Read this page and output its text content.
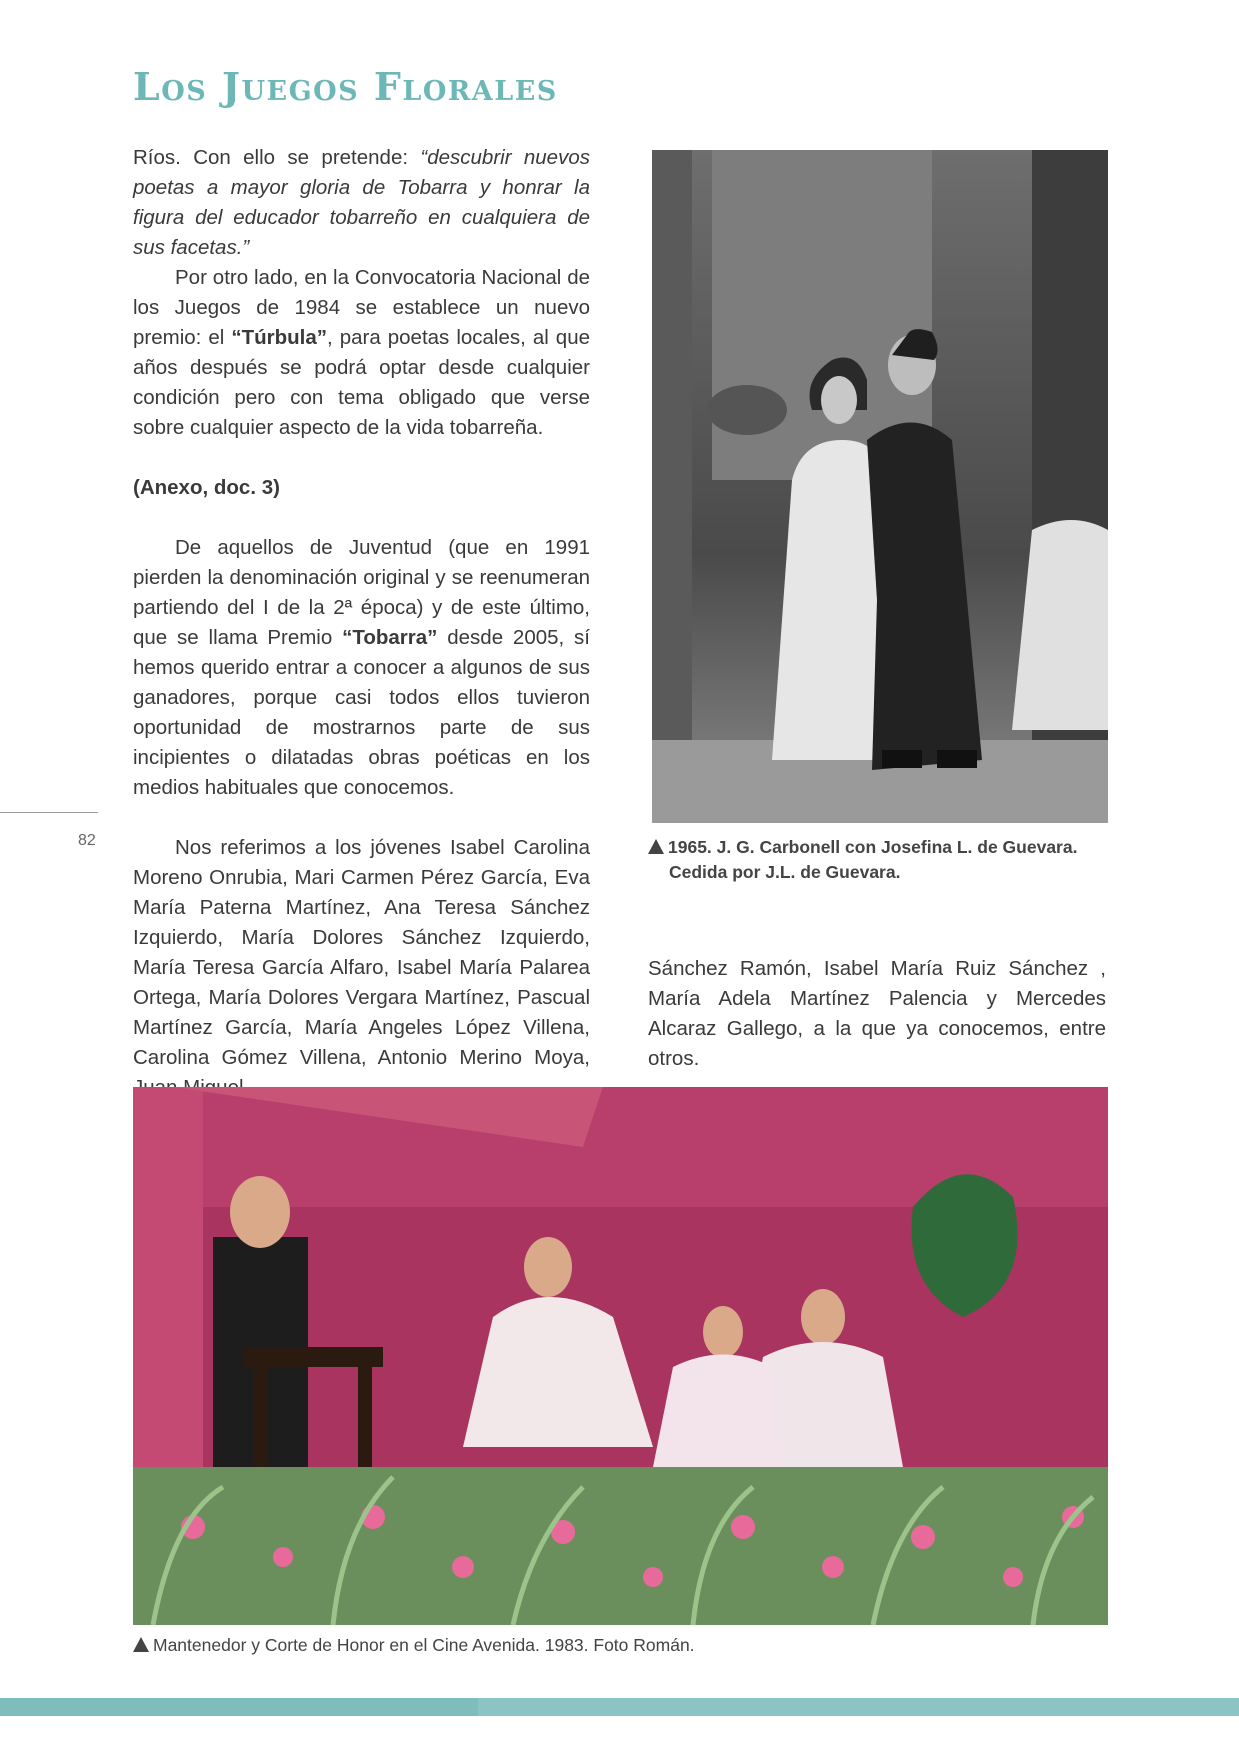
Los Juegos Florales

Ríos. Con ello se pretende: “descubrir nuevos poetas a mayor gloria de Tobarra y honrar la figura del educador tobarreño en cualquiera de sus facetas.”

Por otro lado, en la Convocatoria Nacional de los Juegos de 1984 se establece un nuevo premio: el “Túrbula”, para poetas locales, al que años después se podrá optar desde cualquier condición pero con tema obligado que verse sobre cualquier aspecto de la vida tobarreña.

(Anexo, doc. 3)

De aquellos de Juventud (que en 1991 pierden la denominación original y se reenumeran partiendo del I de la 2ª época) y de este último, que se llama Premio “Tobarra” desde 2005, sí hemos querido entrar a conocer a algunos de sus ganadores, porque casi todos ellos tuvieron oportunidad de mostrarnos parte de sus incipientes o dilatadas obras poéticas en los medios habituales que conocemos.

Nos referimos a los jóvenes Isabel Carolina Moreno Onrubia, Mari Carmen Pérez García, Eva María Paterna Martínez, Ana Teresa Sánchez Izquierdo, María Dolores Sánchez Izquierdo, María Teresa García Alfaro, Isabel María Palarea Ortega, María Dolores Vergara Martínez, Pascual Martínez García, María Angeles López Villena, Carolina Gómez Villena, Antonio Merino Moya,

1965. J. G. Carbonell con Josefina L. de Guevara.
Cedida por J.L. de Guevara.
82

Sánchez Ramón, Isabel María Ruiz Sánchez , María Adela Martínez Palencia y Mercedes Alcaraz Gallego, a la que ya conocemos, entre otros.

Mantenedor y Corte de Honor en el Cine Avenida. 1983. Foto Román.
